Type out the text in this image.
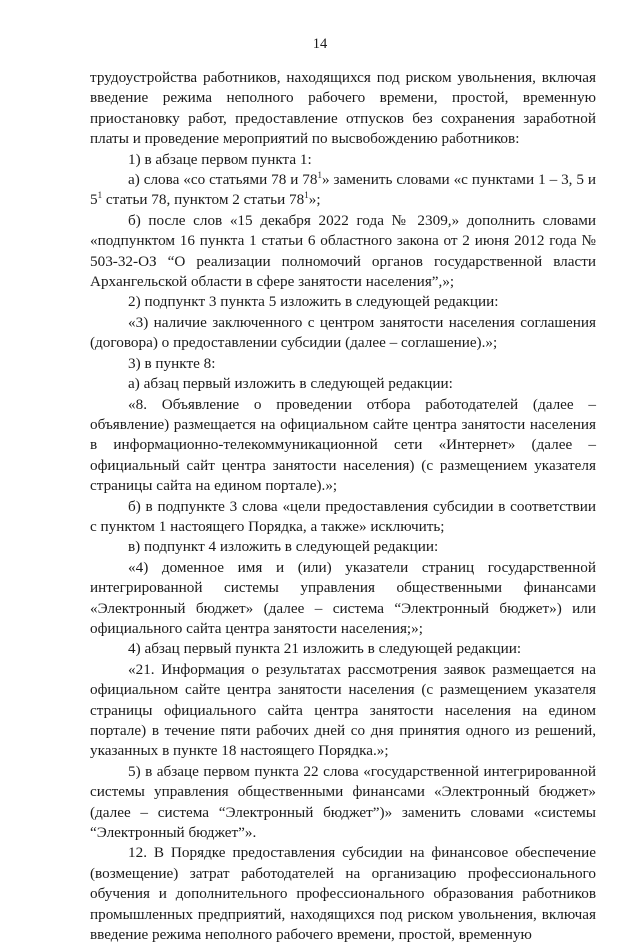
14

трудоустройства работников, находящихся под риском увольнения, включая введение режима неполного рабочего времени, простой, временную приостановку работ, предоставление отпусков без сохранения заработной платы и проведение мероприятий по высвобождению работников:

1) в абзаце первом пункта 1:

а) слова «со статьями 78 и $78^1$» заменить словами «с пунктами 1 – 3, 5 и $5^1$ статьи 78, пунктом 2 статьи $78^1$»;

б) после слов «15 декабря 2022 года № 2309,» дополнить словами «подпунктом 16 пункта 1 статьи 6 областного закона от 2 июня 2012 года № 503-32-ОЗ “О реализации полномочий органов государственной власти Архангельской области в сфере занятости населения”,»;

2) подпункт 3 пункта 5 изложить в следующей редакции:

«3) наличие заключенного с центром занятости населения соглашения (договора) о предоставлении субсидии (далее – соглашение).»;

3) в пункте 8:

а) абзац первый изложить в следующей редакции:

«8. Объявление о проведении отбора работодателей (далее – объявление) размещается на официальном сайте центра занятости населения в информационно-телекоммуникационной сети «Интернет» (далее – официальный сайт центра занятости населения) (с размещением указателя страницы сайта на едином портале).»;

б) в подпункте 3 слова «цели предоставления субсидии в соответствии с пунктом 1 настоящего Порядка, а также» исключить;

в) подпункт 4 изложить в следующей редакции:

«4) доменное имя и (или) указатели страниц государственной интегрированной системы управления общественными финансами «Электронный бюджет» (далее – система “Электронный бюджет») или официального сайта центра занятости населения;»;

4) абзац первый пункта 21 изложить в следующей редакции:

«21. Информация о результатах рассмотрения заявок размещается на официальном сайте центра занятости населения (с размещением указателя страницы официального сайта центра занятости населения на едином портале) в течение пяти рабочих дней со дня принятия одного из решений, указанных в пункте 18 настоящего Порядка.»;

5) в абзаце первом пункта 22 слова «государственной интегрированной системы управления общественными финансами «Электронный бюджет» (далее – система “Электронный бюджет”)» заменить словами «системы “Электронный бюджет”».

12. В Порядке предоставления субсидии на финансовое обеспечение (возмещение) затрат работодателей на организацию профессионального обучения и дополнительного профессионального образования работников промышленных предприятий, находящихся под риском увольнения, включая введение режима неполного рабочего времени, простой, временную
